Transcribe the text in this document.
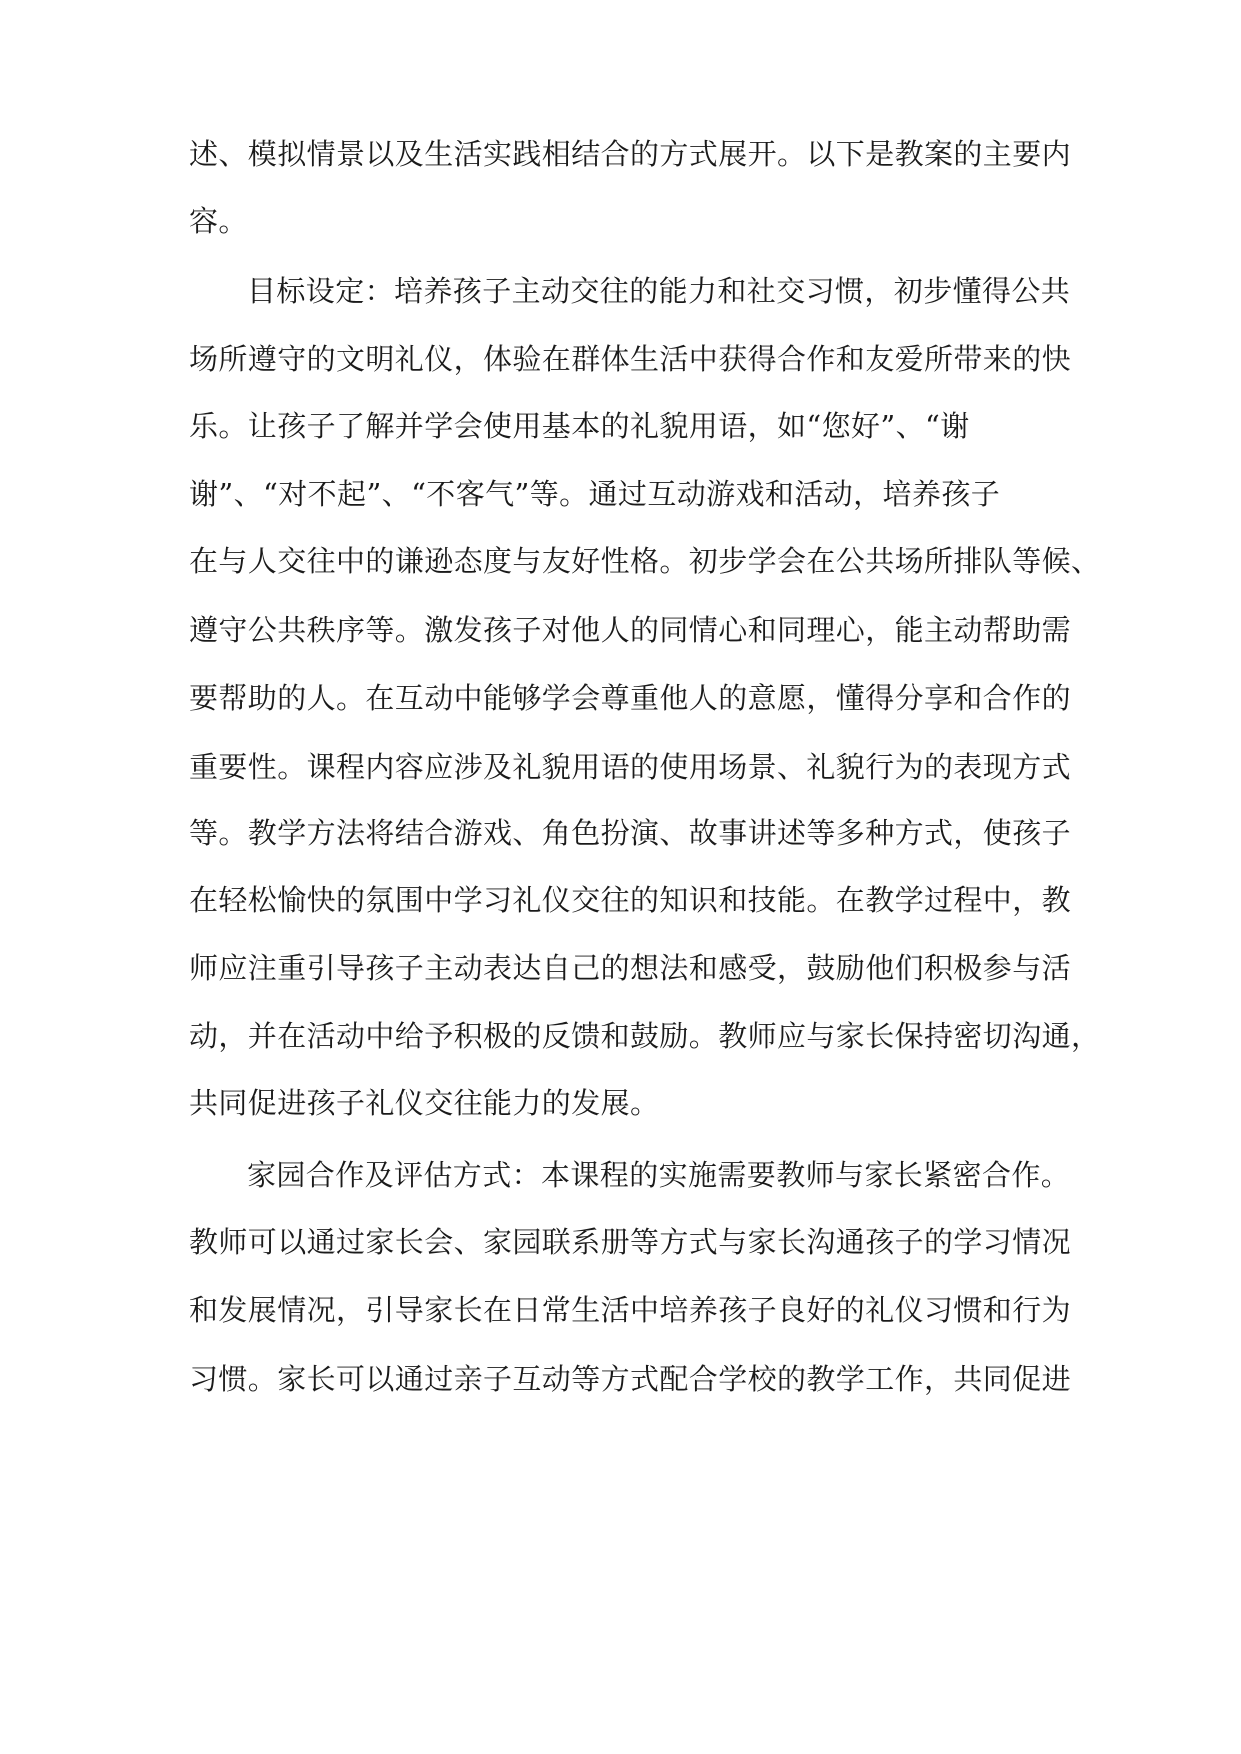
述、模拟情景以及生活实践相结合的方式展开。以下是教案的主要内

容。

目标设定：培养孩子主动交往的能力和社交习惯，初步懂得公共

场所遵守的文明礼仪，体验在群体生活中获得合作和友爱所带来的快

乐。让孩子了解并学会使用基本的礼貌用语，如“您好”、“谢

谢”、“对不起”、“不客气”等。通过互动游戏和活动，培养孩子

在与人交往中的谦逊态度与友好性格。初步学会在公共场所排队等候、

遵守公共秩序等。激发孩子对他人的同情心和同理心，能主动帮助需

要帮助的人。在互动中能够学会尊重他人的意愿，懂得分享和合作的

重要性。课程内容应涉及礼貌用语的使用场景、礼貌行为的表现方式

等。教学方法将结合游戏、角色扮演、故事讲述等多种方式，使孩子

在轻松愉快的氛围中学习礼仪交往的知识和技能。在教学过程中，教

师应注重引导孩子主动表达自己的想法和感受，鼓励他们积极参与活

动，并在活动中给予积极的反馈和鼓励。教师应与家长保持密切沟通，

共同促进孩子礼仪交往能力的发展。

家园合作及评估方式：本课程的实施需要教师与家长紧密合作。

教师可以通过家长会、家园联系册等方式与家长沟通孩子的学习情况

和发展情况，引导家长在日常生活中培养孩子良好的礼仪习惯和行为

习惯。家长可以通过亲子互动等方式配合学校的教学工作，共同促进
